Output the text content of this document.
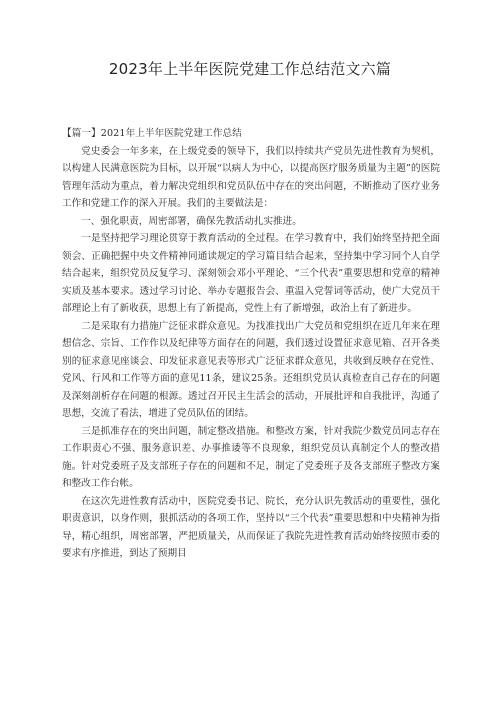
2023年上半年医院党建工作总结范文六篇

【篇一】2021年上半年医院党建工作总结

党史委会一年多来，在上级党委的领导下，我们以持续共产党员先进性教育为契机，以构建人民满意医院为目标，以开展“以病人为中心，以提高医疗服务质量为主题”的医院管理年活动为重点，着力解决党组织和党员队伍中存在的突出问题，不断推动了医疗业务工作和党建工作的深入开展。我们的主要做法是：

一、强化职责，周密部署，确保先教活动扎实推进。

一是坚持把学习理论贯穿于教育活动的全过程。在学习教育中，我们始终坚持把全面领会、正确把握中央文件精神同通读规定的学习篇目结合起来，坚持集中学习同个人自学结合起来，组织党员反复学习、深刻领会邓小平理论、“三个代表”重要思想和党章的精神实质及基本要求。透过学习讨论、举办专题报告会、重温入党誓词等活动，使广大党员干部理论上有了新收获，思想上有了新提高，党性上有了新增强，政治上有了新进步。

二是采取有力措施广泛征求群众意见。为找准找出广大党员和党组织在近几年来在理想信念、宗旨、工作作以及纪律等方面存在的问题，我们透过设置征求意见箱、召开各类别的征求意见座谈会、印发征求意见表等形式广泛征求群众意见，共收到反映存在党性、党风、行风和工作等方面的意见11条，建议25条。还组织党员认真检查自己存在的问题及深刻剖析存在问题的根源。透过召开民主生活会的活动，开展批评和自我批评，沟通了思想，交流了看法，增进了党员队伍的团结。

三是抓准存在的突出问题，制定整改措施。和整改方案，针对我院少数党员同志存在工作职责心不强、服务意识差、办事推诿等不良现象，组织党员认真制定个人的整改措施。针对党委班子及支部班子存在的问题和不足，制定了党委班子及各支部班子整改方案和整改工作台帐。

在这次先进性教育活动中，医院党委书记、院长，充分认识先教活动的重要性，强化职责意识，以身作则，狠抓活动的各项工作，坚持以“三个代表”重要思想和中央精神为指导，精心组织，周密部署，严把质量关，从而保证了我院先进性教育活动始终按照市委的要求有序推进，到达了预期目
